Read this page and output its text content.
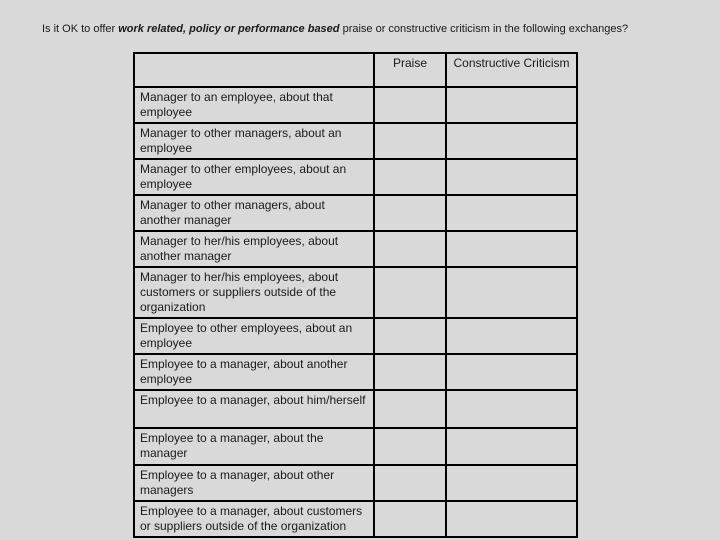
Is it OK to offer work related, policy or performance based praise or constructive criticism in the following exchanges?

	Praise	Constructive Criticism
Manager to an employee, about that employee		
Manager to other managers, about an employee		
Manager to other employees, about an employee		
Manager to other managers, about another manager		
Manager to her/his employees, about another manager		
Manager to her/his employees, about customers or suppliers outside of the organization		
Employee to other employees, about an employee		
Employee to a manager, about another employee		
Employee to a manager, about him/herself		
Employee to a manager, about the manager		
Employee to a manager, about other managers		
Employee to a manager, about customers or suppliers outside of the organization		
